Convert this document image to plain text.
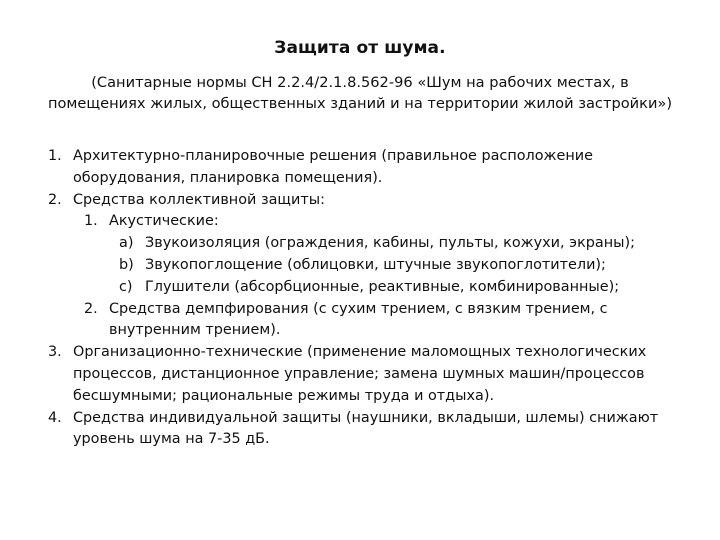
Защита от шума.
(Санитарные нормы СН 2.2.4/2.1.8.562-96 «Шум на рабочих местах, в
помещениях жилых, общественных зданий и на территории жилой застройки»)
1. Архитектурно-планировочные решения (правильное расположение
оборудования, планировка помещения).
2. Средства коллективной защиты:
1. Акустические:
a) Звукоизоляция (ограждения, кабины, пульты, кожухи, экраны);
b) Звукопоглощение (облицовки, штучные звукопоглотители);
c) Глушители (абсорбционные, реактивные, комбинированные);
2. Средства демпфирования (с сухим трением, с вязким трением, с
внутренним трением).
3. Организационно-технические (применение маломощных технологических
процессов, дистанционное управление; замена шумных машин/процессов
бесшумными; рациональные режимы труда и отдыха).
4. Средства индивидуальной защиты (наушники, вкладыши, шлемы) снижают
уровень шума на 7-35 дБ.
